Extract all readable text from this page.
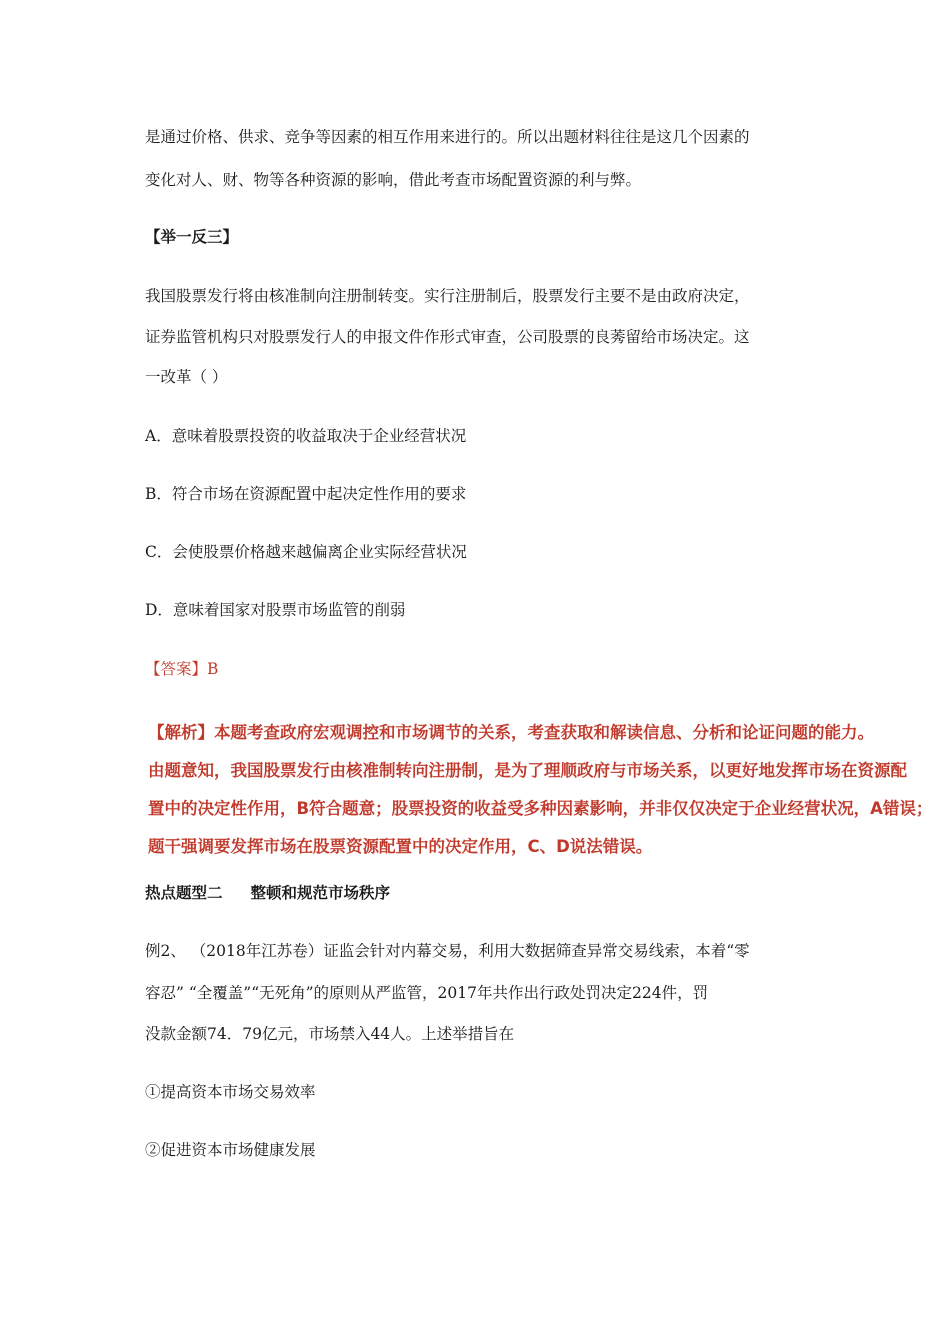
是通过价格、供求、竞争等因素的相互作用来进行的。所以出题材料往往是这几个因素的
变化对人、财、物等各种资源的影响，借此考查市场配置资源的利与弊。
【举一反三】
我国股票发行将由核准制向注册制转变。实行注册制后，股票发行主要不是由政府决定，
证券监管机构只对股票发行人的申报文件作形式审查，公司股票的良莠留给市场决定。这
一改革（ ）
A．意味着股票投资的收益取决于企业经营状况
B．符合市场在资源配置中起决定性作用的要求
C．会使股票价格越来越偏离企业实际经营状况
D．意味着国家对股票市场监管的削弱
【答案】B
【解析】本题考查政府宏观调控和市场调节的关系，考查获取和解读信息、分析和论证问题的能力。
由题意知，我国股票发行由核准制转向注册制，是为了理顺政府与市场关系，以更好地发挥市场在资源配
置中的决定性作用，B符合题意；股票投资的收益受多种因素影响，并非仅仅决定于企业经营状况，A错误；
题干强调要发挥市场在股票资源配置中的决定作用，C、D说法错误。
热点题型二 整顿和规范市场秩序
例2、 （2018年江苏卷）证监会针对内幕交易，利用大数据筛查异常交易线索，本着“零
容忍” “全覆盖”“无死角”的原则从严监管，2017年共作出行政处罚决定224件，罚
没款金额74．79亿元，市场禁入44人。上述举措旨在
①提高资本市场交易效率
②促进资本市场健康发展
